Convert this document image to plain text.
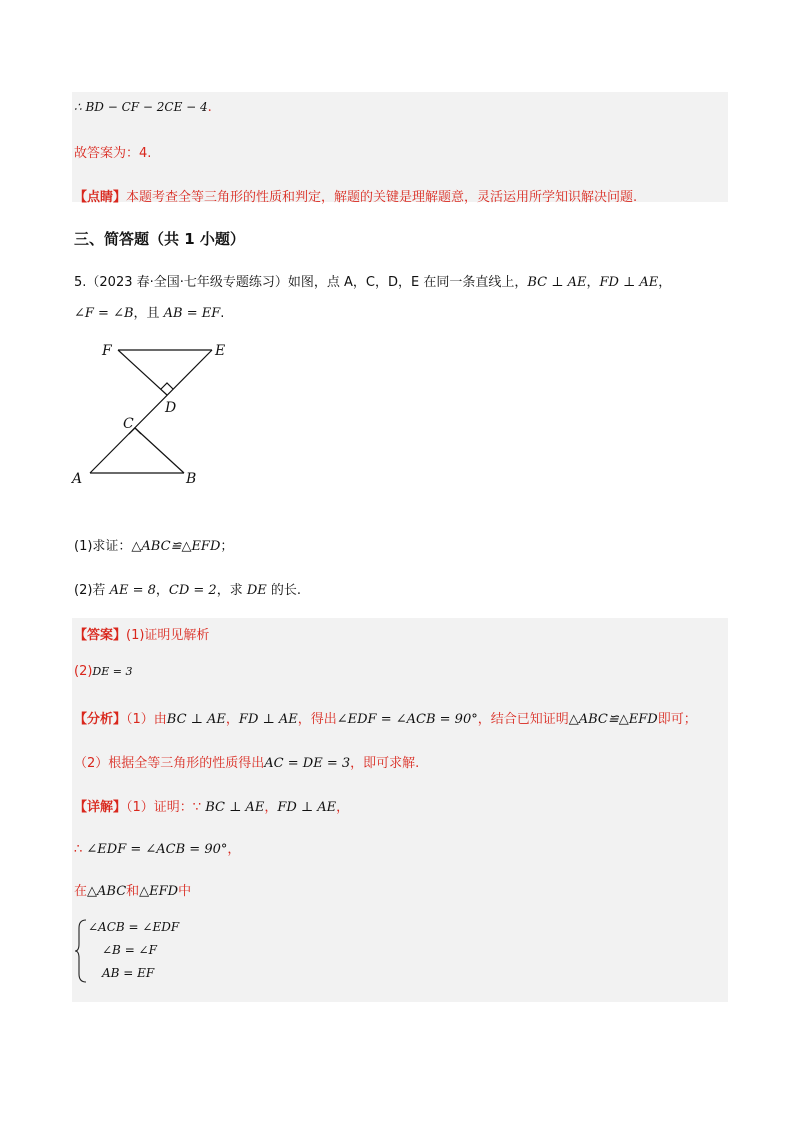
∴ BD − CF − 2CE − 4.
故答案为：4.
【点睛】本题考查全等三角形的性质和判定，解题的关键是理解题意，灵活运用所学知识解决问题.
三、简答题（共 1 小题）
5.（2023 春·全国·七年级专题练习）如图，点 A，C，D，E 在同一条直线上，BC ⊥ AE，FD ⊥ AE，
∠F = ∠B，且 AB = EF.
F	E
D
C
A	B
(1)求证：△ABC≌△EFD；
(2)若 AE = 8，CD = 2，求 DE 的长.
【答案】(1)证明见解析
(2)DE = 3
【分析】（1）由BC ⊥ AE，FD ⊥ AE，得出∠EDF = ∠ACB = 90°，结合已知证明△ABC≌△EFD即可；
（2）根据全等三角形的性质得出AC = DE = 3，即可求解.
【详解】（1）证明：∵ BC ⊥ AE，FD ⊥ AE，
∴ ∠EDF = ∠ACB = 90°，
在△ABC和△EFD中
∠ACB = ∠EDF
∠B = ∠F
AB = EF
